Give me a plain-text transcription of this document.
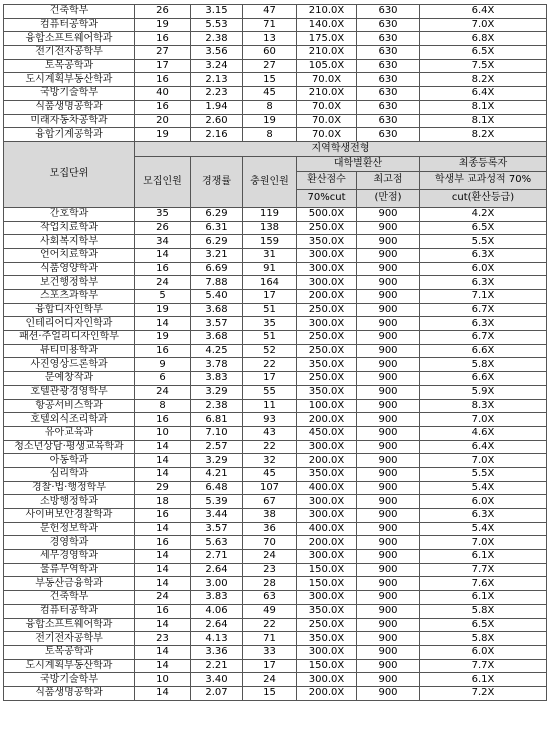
건축학부	26	3.15	47	210.0X	630	6.4X
컴퓨터공학과	19	5.53	71	140.0X	630	7.0X
융합소프트웨어학과	16	2.38	13	175.0X	630	6.8X
전기전자공학부	27	3.56	60	210.0X	630	6.5X
토목공학과	17	3.24	27	105.0X	630	7.5X
도시계획부동산학과	16	2.13	15	70.0X	630	8.2X
국방기술학부	40	2.23	45	210.0X	630	6.4X
식품생명공학과	16	1.94	8	70.0X	630	8.1X
미래자동차공학과	20	2.60	19	70.0X	630	8.1X
융합기계공학과	19	2.16	8	70.0X	630	8.2X
모집단위	지역학생전형					
	모집인원	경쟁률	충원인원	대학별환산		최종등록자
				환산점수	최고점	학생부 교과성적 70%
				70%cut	(만점)	cut(환산등급)
간호학과	35	6.29	119	500.0X	900	4.2X
작업치료학과	26	6.31	138	250.0X	900	6.5X
사회복지학부	34	6.29	159	350.0X	900	5.5X
언어치료학과	14	3.21	31	300.0X	900	6.3X
식품영양학과	16	6.69	91	300.0X	900	6.0X
보건행정학부	24	7.88	164	300.0X	900	6.3X
스포츠과학부	5	5.40	17	200.0X	900	7.1X
융합디자인학부	19	3.68	51	250.0X	900	6.7X
인테리어디자인학과	14	3.57	35	300.0X	900	6.3X
패션·주얼리디자인학부	19	3.68	51	250.0X	900	6.7X
뷰티미용학과	16	4.25	52	250.0X	900	6.6X
사진영상드론학과	9	3.78	22	350.0X	900	5.8X
문예창작과	6	3.83	17	250.0X	900	6.6X
호텔관광경영학부	24	3.29	55	350.0X	900	5.9X
항공서비스학과	8	2.38	11	100.0X	900	8.3X
호텔외식조리학과	16	6.81	93	200.0X	900	7.0X
유아교육과	10	7.10	43	450.0X	900	4.6X
청소년상담·평생교육학과	14	2.57	22	300.0X	900	6.4X
아동학과	14	3.29	32	200.0X	900	7.0X
심리학과	14	4.21	45	350.0X	900	5.5X
경찰·법·행정학부	29	6.48	107	400.0X	900	5.4X
소방행정학과	18	5.39	67	300.0X	900	6.0X
사이버보안경찰학과	16	3.44	38	300.0X	900	6.3X
문헌정보학과	14	3.57	36	400.0X	900	5.4X
경영학과	16	5.63	70	200.0X	900	7.0X
세무경영학과	14	2.71	24	300.0X	900	6.1X
물류무역학과	14	2.64	23	150.0X	900	7.7X
부동산금융학과	14	3.00	28	150.0X	900	7.6X
건축학부	24	3.83	63	300.0X	900	6.1X
컴퓨터공학과	16	4.06	49	350.0X	900	5.8X
융합소프트웨어학과	14	2.64	22	250.0X	900	6.5X
전기전자공학부	23	4.13	71	350.0X	900	5.8X
토목공학과	14	3.36	33	300.0X	900	6.0X
도시계획부동산학과	14	2.21	17	150.0X	900	7.7X
국방기술학부	10	3.40	24	300.0X	900	6.1X
식품생명공학과	14	2.07	15	200.0X	900	7.2X
